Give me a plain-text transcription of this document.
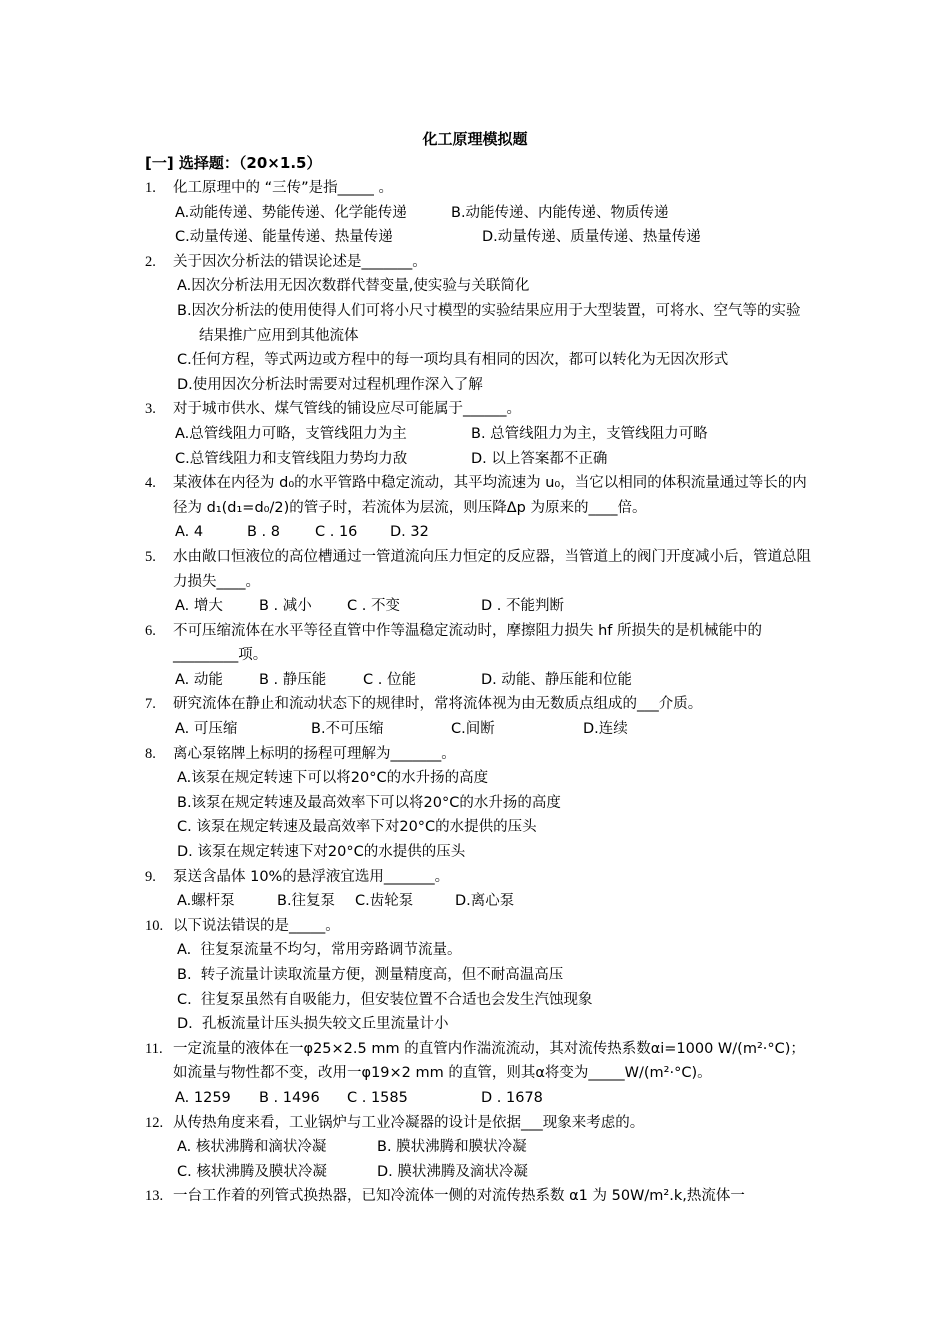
化工原理模拟题
[一] 选择题：（20×1.5）
1. 化工原理中的 “三传”是指_____ 。
A.动能传递、势能传递、化学能传递	B.动能传递、内能传递、物质传递
C.动量传递、能量传递、热量传递	D.动量传递、质量传递、热量传递
2. 关于因次分析法的错误论述是_______。
A.因次分析法用无因次数群代替变量,使实验与关联简化
B.因次分析法的使用使得人们可将小尺寸模型的实验结果应用于大型装置，可将水、空气等的实验结果推广应用到其他流体
C.任何方程，等式两边或方程中的每一项均具有相同的因次，都可以转化为无因次形式
D.使用因次分析法时需要对过程机理作深入了解
3. 对于城市供水、煤气管线的铺设应尽可能属于______。
A.总管线阻力可略，支管线阻力为主	B. 总管线阻力为主，支管线阻力可略
C.总管线阻力和支管线阻力势均力敌	D. 以上答案都不正确
4. 某液体在内径为 d₀的水平管路中稳定流动，其平均流速为 u₀，当它以相同的体积流量通过等长的内径为 d₁(d₁=d₀/2)的管子时，若流体为层流，则压降Δp 为原来的____倍。
A. 4	B . 8 C . 16 D. 32
5. 水由敞口恒液位的高位槽通过一管道流向压力恒定的反应器，当管道上的阀门开度减小后，管道总阻力损失____。
A. 增大 B . 减小 C . 不变	D . 不能判断
6. 不可压缩流体在水平等径直管中作等温稳定流动时，摩擦阻力损失 hf 所损失的是机械能中的_________项。
A. 动能 B . 静压能	C . 位能	D. 动能、静压能和位能
7. 研究流体在静止和流动状态下的规律时，常将流体视为由无数质点组成的___介质。
A. 可压缩	B.不可压缩	C.间断	D.连续
8. 离心泵铭牌上标明的扬程可理解为_______。
A.该泵在规定转速下可以将20°C的水升扬的高度
B.该泵在规定转速及最高效率下可以将20°C的水升扬的高度
C. 该泵在规定转速及最高效率下对20°C的水提供的压头
D. 该泵在规定转速下对20°C的水提供的压头
9. 泵送含晶体 10%的悬浮液宜选用_______。
A.螺杆泵	B.往复泵 C.齿轮泵	D.离心泵
10. 以下说法错误的是_____。
A.  往复泵流量不均匀，常用旁路调节流量。
B.  转子流量计读取流量方便，测量精度高，但不耐高温高压
C.  往复泵虽然有自吸能力，但安装位置不合适也会发生汽蚀现象
D.  孔板流量计压头损失较文丘里流量计小
11. 一定流量的液体在一φ25×2.5 mm 的直管内作湍流流动，其对流传热系数αi=1000 W/(m²·°C)；如流量与物性都不变，改用一φ19×2 mm 的直管，则其α将变为_____W/(m²·°C)。
A. 1259 B . 1496 C . 1585	D . 1678
12. 从传热角度来看，工业锅炉与工业冷凝器的设计是依据___现象来考虑的。
A. 核状沸腾和滴状冷凝	B. 膜状沸腾和膜状冷凝
C. 核状沸腾及膜状冷凝	D. 膜状沸腾及滴状冷凝
13. 一台工作着的列管式换热器，已知冷流体一侧的对流传热系数 α1 为 50W/m².k,热流体一
